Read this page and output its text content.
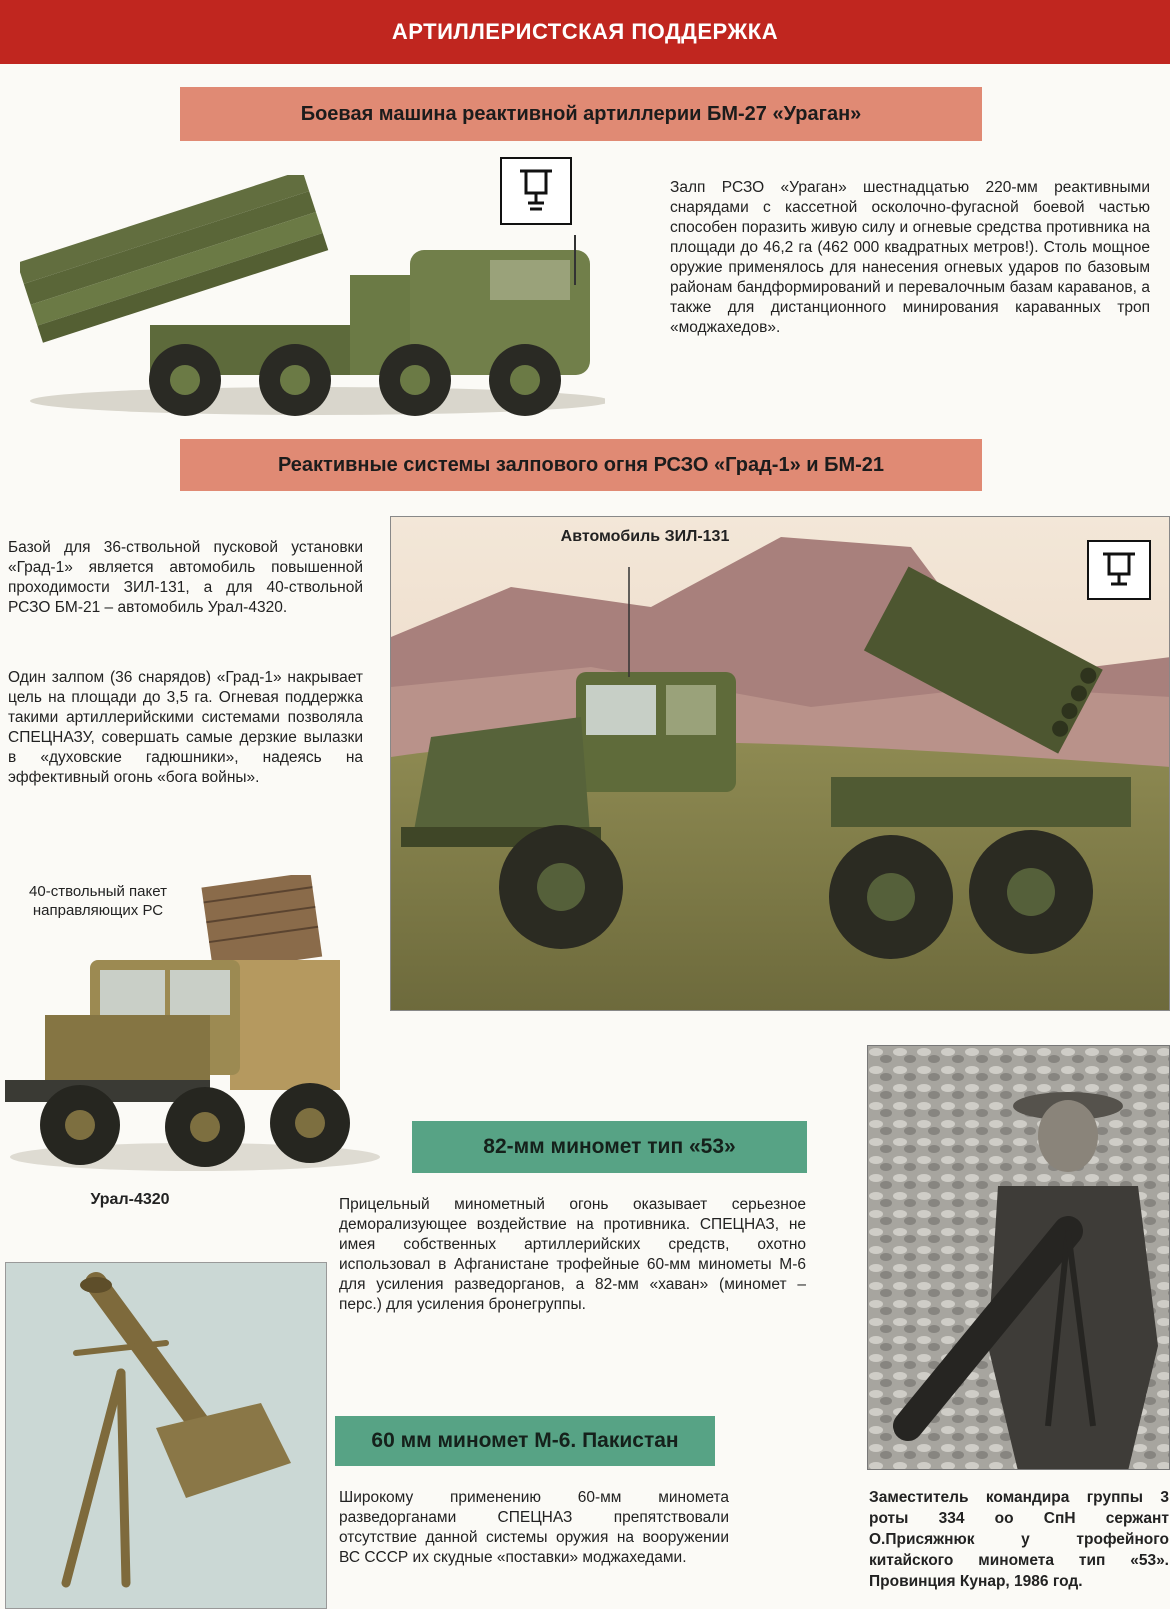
АРТИЛЛЕРИСТСКАЯ ПОДДЕРЖКА
Боевая машина реактивной артиллерии БМ-27 «Ураган»
Залп РСЗО «Ураган» шестнадцатью 220-мм реактивными снарядами с кассетной осколочно-фугасной боевой частью способен поразить живую силу и огневые средства противника на площади до 46,2 га (462 000 квадратных метров!). Столь мощное оружие применялось для нанесения огневых ударов по базовым районам бандформирований и перевалочным базам караванов, а также для дистанционного минирования караванных троп «моджахедов».
Реактивные системы залпового огня РСЗО «Град-1» и БМ-21
Базой для 36-ствольной пусковой установки «Град-1» является автомобиль повышенной проходимости ЗИЛ-131, а для 40-ствольной РСЗО БМ-21 – автомобиль Урал-4320.
Один залпом (36 снарядов) «Град-1» накрывает цель на площади до 3,5 га. Огневая поддержка такими артиллерийскими системами позволяла СПЕЦНАЗУ, совершать самые дерзкие вылазки в «духовские гадюшники», надеясь на эффективный огонь «бога войны».
Автомобиль ЗИЛ-131
40-ствольный пакет направляющих РС
Урал-4320
82-мм миномет тип «53»
Прицельный минометный огонь оказывает серьезное деморализующее воздействие на противника. СПЕЦНАЗ, не имея собственных артиллерийских средств, охотно использовал в Афганистане трофейные 60-мм минометы М-6 для усиления разведорганов, а 82-мм «хаван» (миномет – перс.) для усиления бронегруппы.
60 мм миномет М-6. Пакистан
Широкому применению 60-мм миномета разведорганами СПЕЦНАЗ препятствовали отсутствие данной системы оружия на вооружении ВС СССР их скудные «поставки» моджахедами.
Заместитель командира группы 3 роты 334 оо СпН сержант О.Присяжнюк у трофейного китайского миномета тип «53». Провинция Кунар, 1986 год.
